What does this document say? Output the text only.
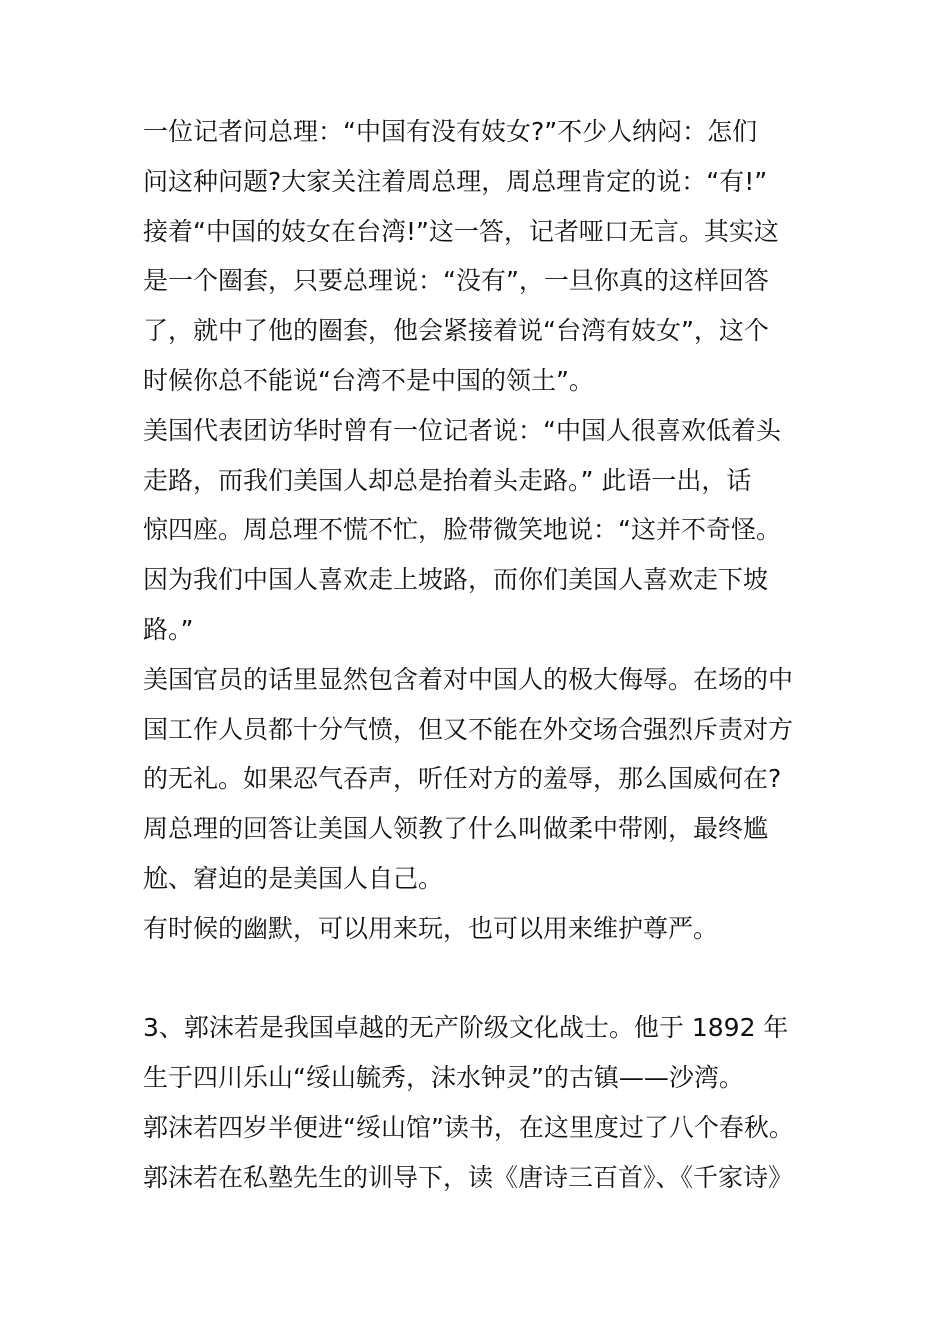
一位记者问总理：“中国有没有妓女?”不少人纳闷：怎们
问这种问题?大家关注着周总理，周总理肯定的说：“有!”
接着“中国的妓女在台湾!”这一答，记者哑口无言。其实这
是一个圈套，只要总理说：“没有”，一旦你真的这样回答
了，就中了他的圈套，他会紧接着说“台湾有妓女”，这个
时候你总不能说“台湾不是中国的领土”。
美国代表团访华时曾有一位记者说：“中国人很喜欢低着头
走路，而我们美国人却总是抬着头走路。” 此语一出，话
惊四座。周总理不慌不忙，脸带微笑地说：“这并不奇怪。
因为我们中国人喜欢走上坡路，而你们美国人喜欢走下坡
路。”
美国官员的话里显然包含着对中国人的极大侮辱。在场的中
国工作人员都十分气愤，但又不能在外交场合强烈斥责对方
的无礼。如果忍气吞声，听任对方的羞辱，那么国威何在?
周总理的回答让美国人领教了什么叫做柔中带刚，最终尴
尬、窘迫的是美国人自己。
有时候的幽默，可以用来玩，也可以用来维护尊严。
3、郭沫若是我国卓越的无产阶级文化战士。他于 1892 年
生于四川乐山“绥山毓秀，沫水钟灵”的古镇——沙湾。
郭沫若四岁半便进“绥山馆”读书，在这里度过了八个春秋。
郭沫若在私塾先生的训导下，读《唐诗三百首》、《千家诗》
